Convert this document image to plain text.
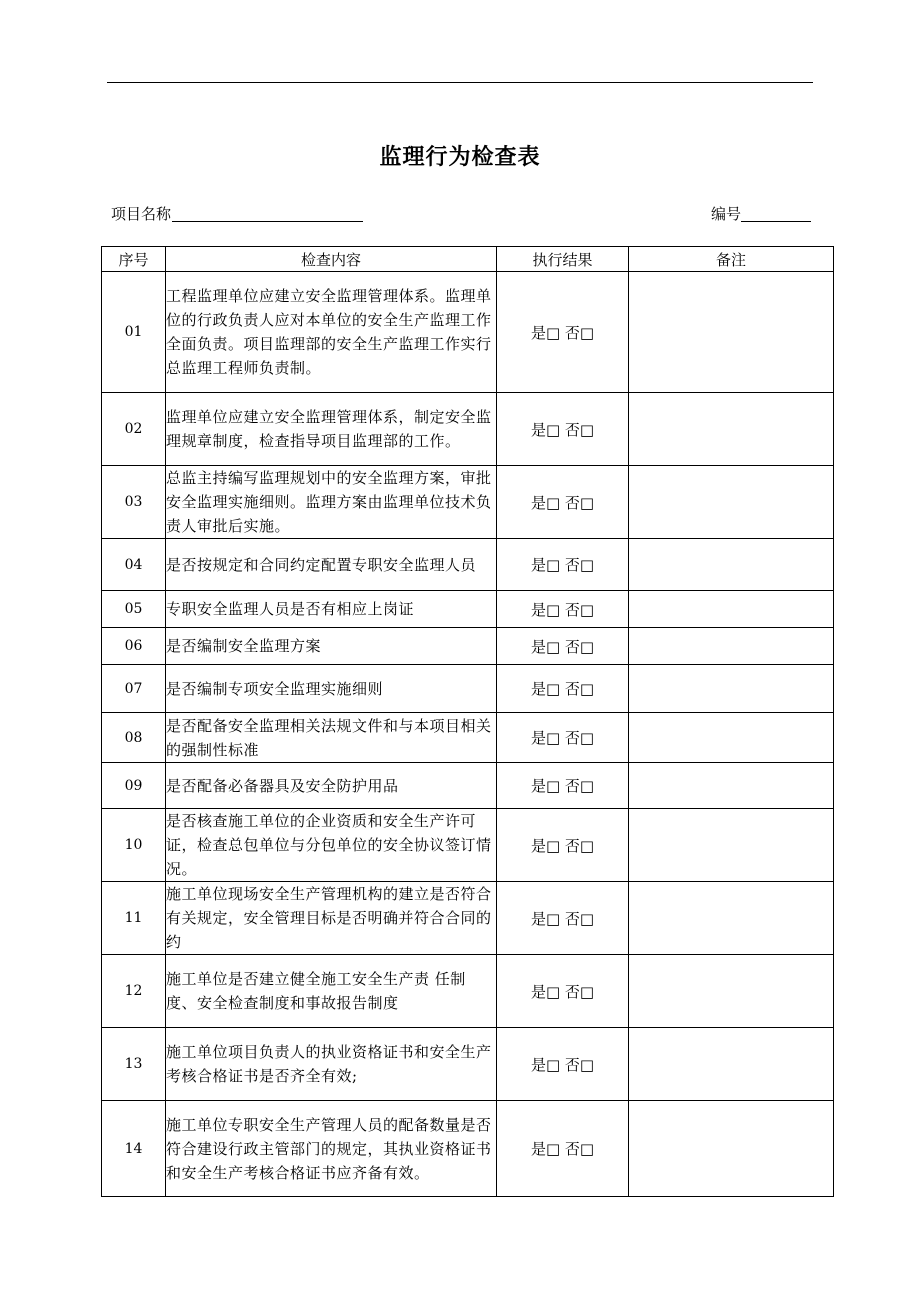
监理行为检查表
项目名称	编号
序号	检查内容	执行结果	备注
01	工程监理单位应建立安全监理管理体系。监理单位的行政负责人应对本单位的安全生产监理工作全面负责。项目监理部的安全生产监理工作实行总监理工程师负责制。	是□ 否□	
02	监理单位应建立安全监理管理体系，制定安全监理规章制度，检查指导项目监理部的工作。	是□ 否□	
03	总监主持编写监理规划中的安全监理方案，审批安全监理实施细则。监理方案由监理单位技术负责人审批后实施。	是□ 否□	
04	是否按规定和合同约定配置专职安全监理人员	是□ 否□	
05	专职安全监理人员是否有相应上岗证	是□ 否□	
06	是否编制安全监理方案	是□ 否□	
07	是否编制专项安全监理实施细则	是□ 否□	
08	是否配备安全监理相关法规文件和与本项目相关的强制性标准	是□ 否□	
09	是否配备必备器具及安全防护用品	是□ 否□	
10	是否核查施工单位的企业资质和安全生产许可证，检查总包单位与分包单位的安全协议签订情况。	是□ 否□	
11	施工单位现场安全生产管理机构的建立是否符合有关规定，安全管理目标是否明确并符合合同的约	是□ 否□	
12	施工单位是否建立健全施工安全生产责 任制度、安全检查制度和事故报告制度	是□ 否□	
13	施工单位项目负责人的执业资格证书和安全生产考核合格证书是否齐全有效;	是□ 否□	
14	施工单位专职安全生产管理人员的配备数量是否符合建设行政主管部门的规定，其执业资格证书和安全生产考核合格证书应齐备有效。	是□ 否□	
